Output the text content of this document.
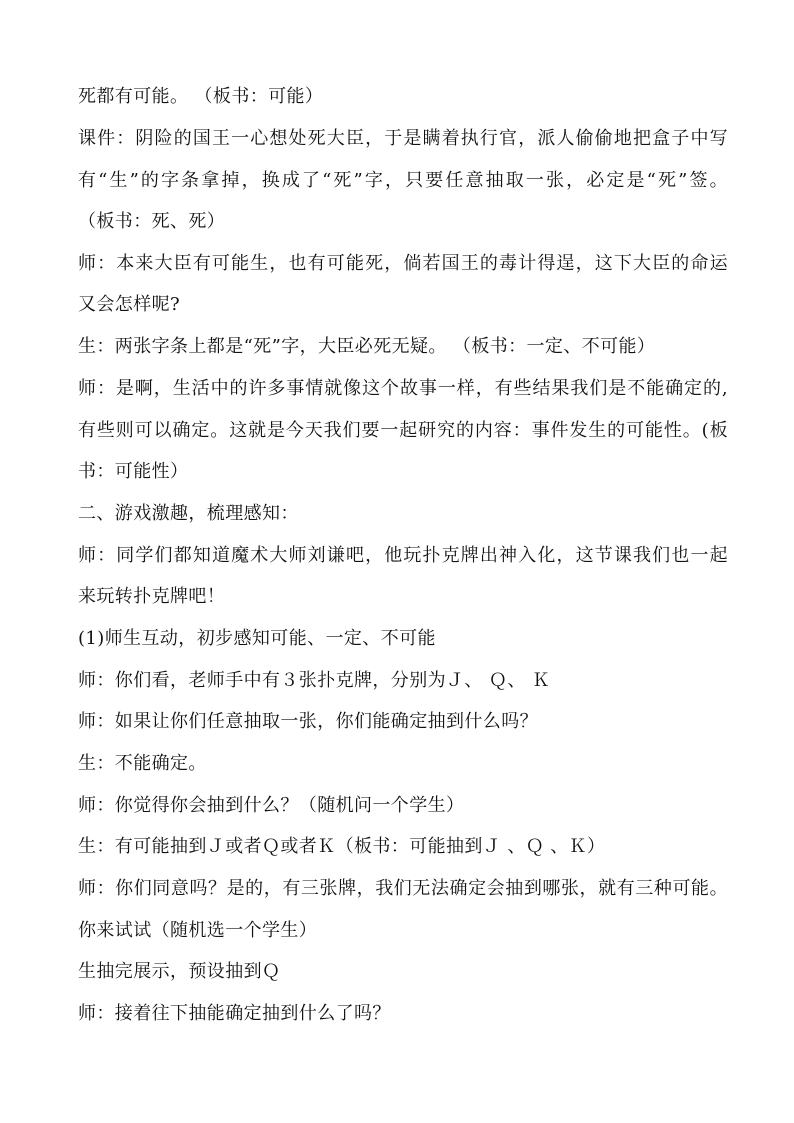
死都有可能。 （板书：可能）
课件：阴险的国王一心想处死大臣，于是瞒着执行官，派人偷偷地把盒子中写
有“生”的字条拿掉，换成了“死”字，只要任意抽取一张，必定是“死”签。
（板书：死、死）
师：本来大臣有可能生，也有可能死，倘若国王的毒计得逞，这下大臣的命运
又会怎样呢?
生：两张字条上都是“死”字，大臣必死无疑。 （板书：一定、不可能）
师：是啊，生活中的许多事情就像这个故事一样，有些结果我们是不能确定的,
有些则可以确定。这就是今天我们要一起研究的内容：事件发生的可能性。(板
书：可能性）
二、游戏激趣，梳理感知：
师：同学们都知道魔术大师刘谦吧，他玩扑克牌出神入化，这节课我们也一起
来玩转扑克牌吧！
(1)师生互动，初步感知可能、一定、不可能
师：你们看，老师手中有３张扑克牌，分别为Ｊ、 Ｑ、 Ｋ
师：如果让你们任意抽取一张，你们能确定抽到什么吗？
生：不能确定。
师：你觉得你会抽到什么？（随机问一个学生）
生：有可能抽到Ｊ或者Ｑ或者Ｋ（板书：可能抽到Ｊ 、Ｑ 、Ｋ）
师：你们同意吗？是的，有三张牌，我们无法确定会抽到哪张，就有三种可能。
你来试试（随机选一个学生）
生抽完展示，预设抽到Ｑ
师：接着往下抽能确定抽到什么了吗？
